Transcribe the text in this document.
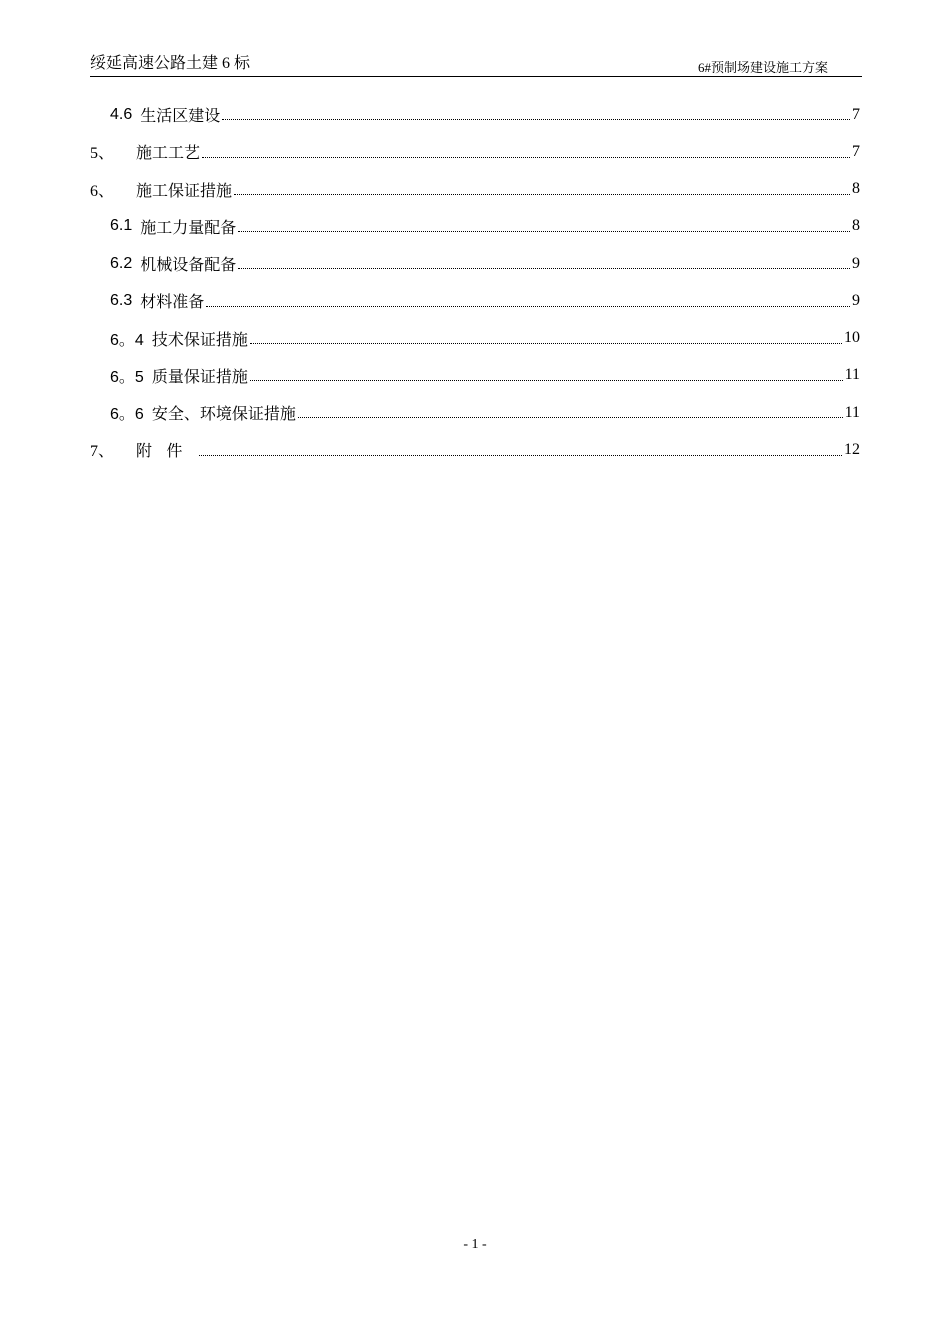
绥延高速公路土建 6 标	6#预制场建设施工方案
4.6 生活区建设	7
5、	施工工艺	7
6、	施工保证措施	8
6.1 施工力量配备	8
6.2 机械设备配备	9
6.3 材料准备	9
6。4 技术保证措施	10
6。5 质量保证措施	11
6。6 安全、环境保证措施	11
7、	附件	12
- 1 -
